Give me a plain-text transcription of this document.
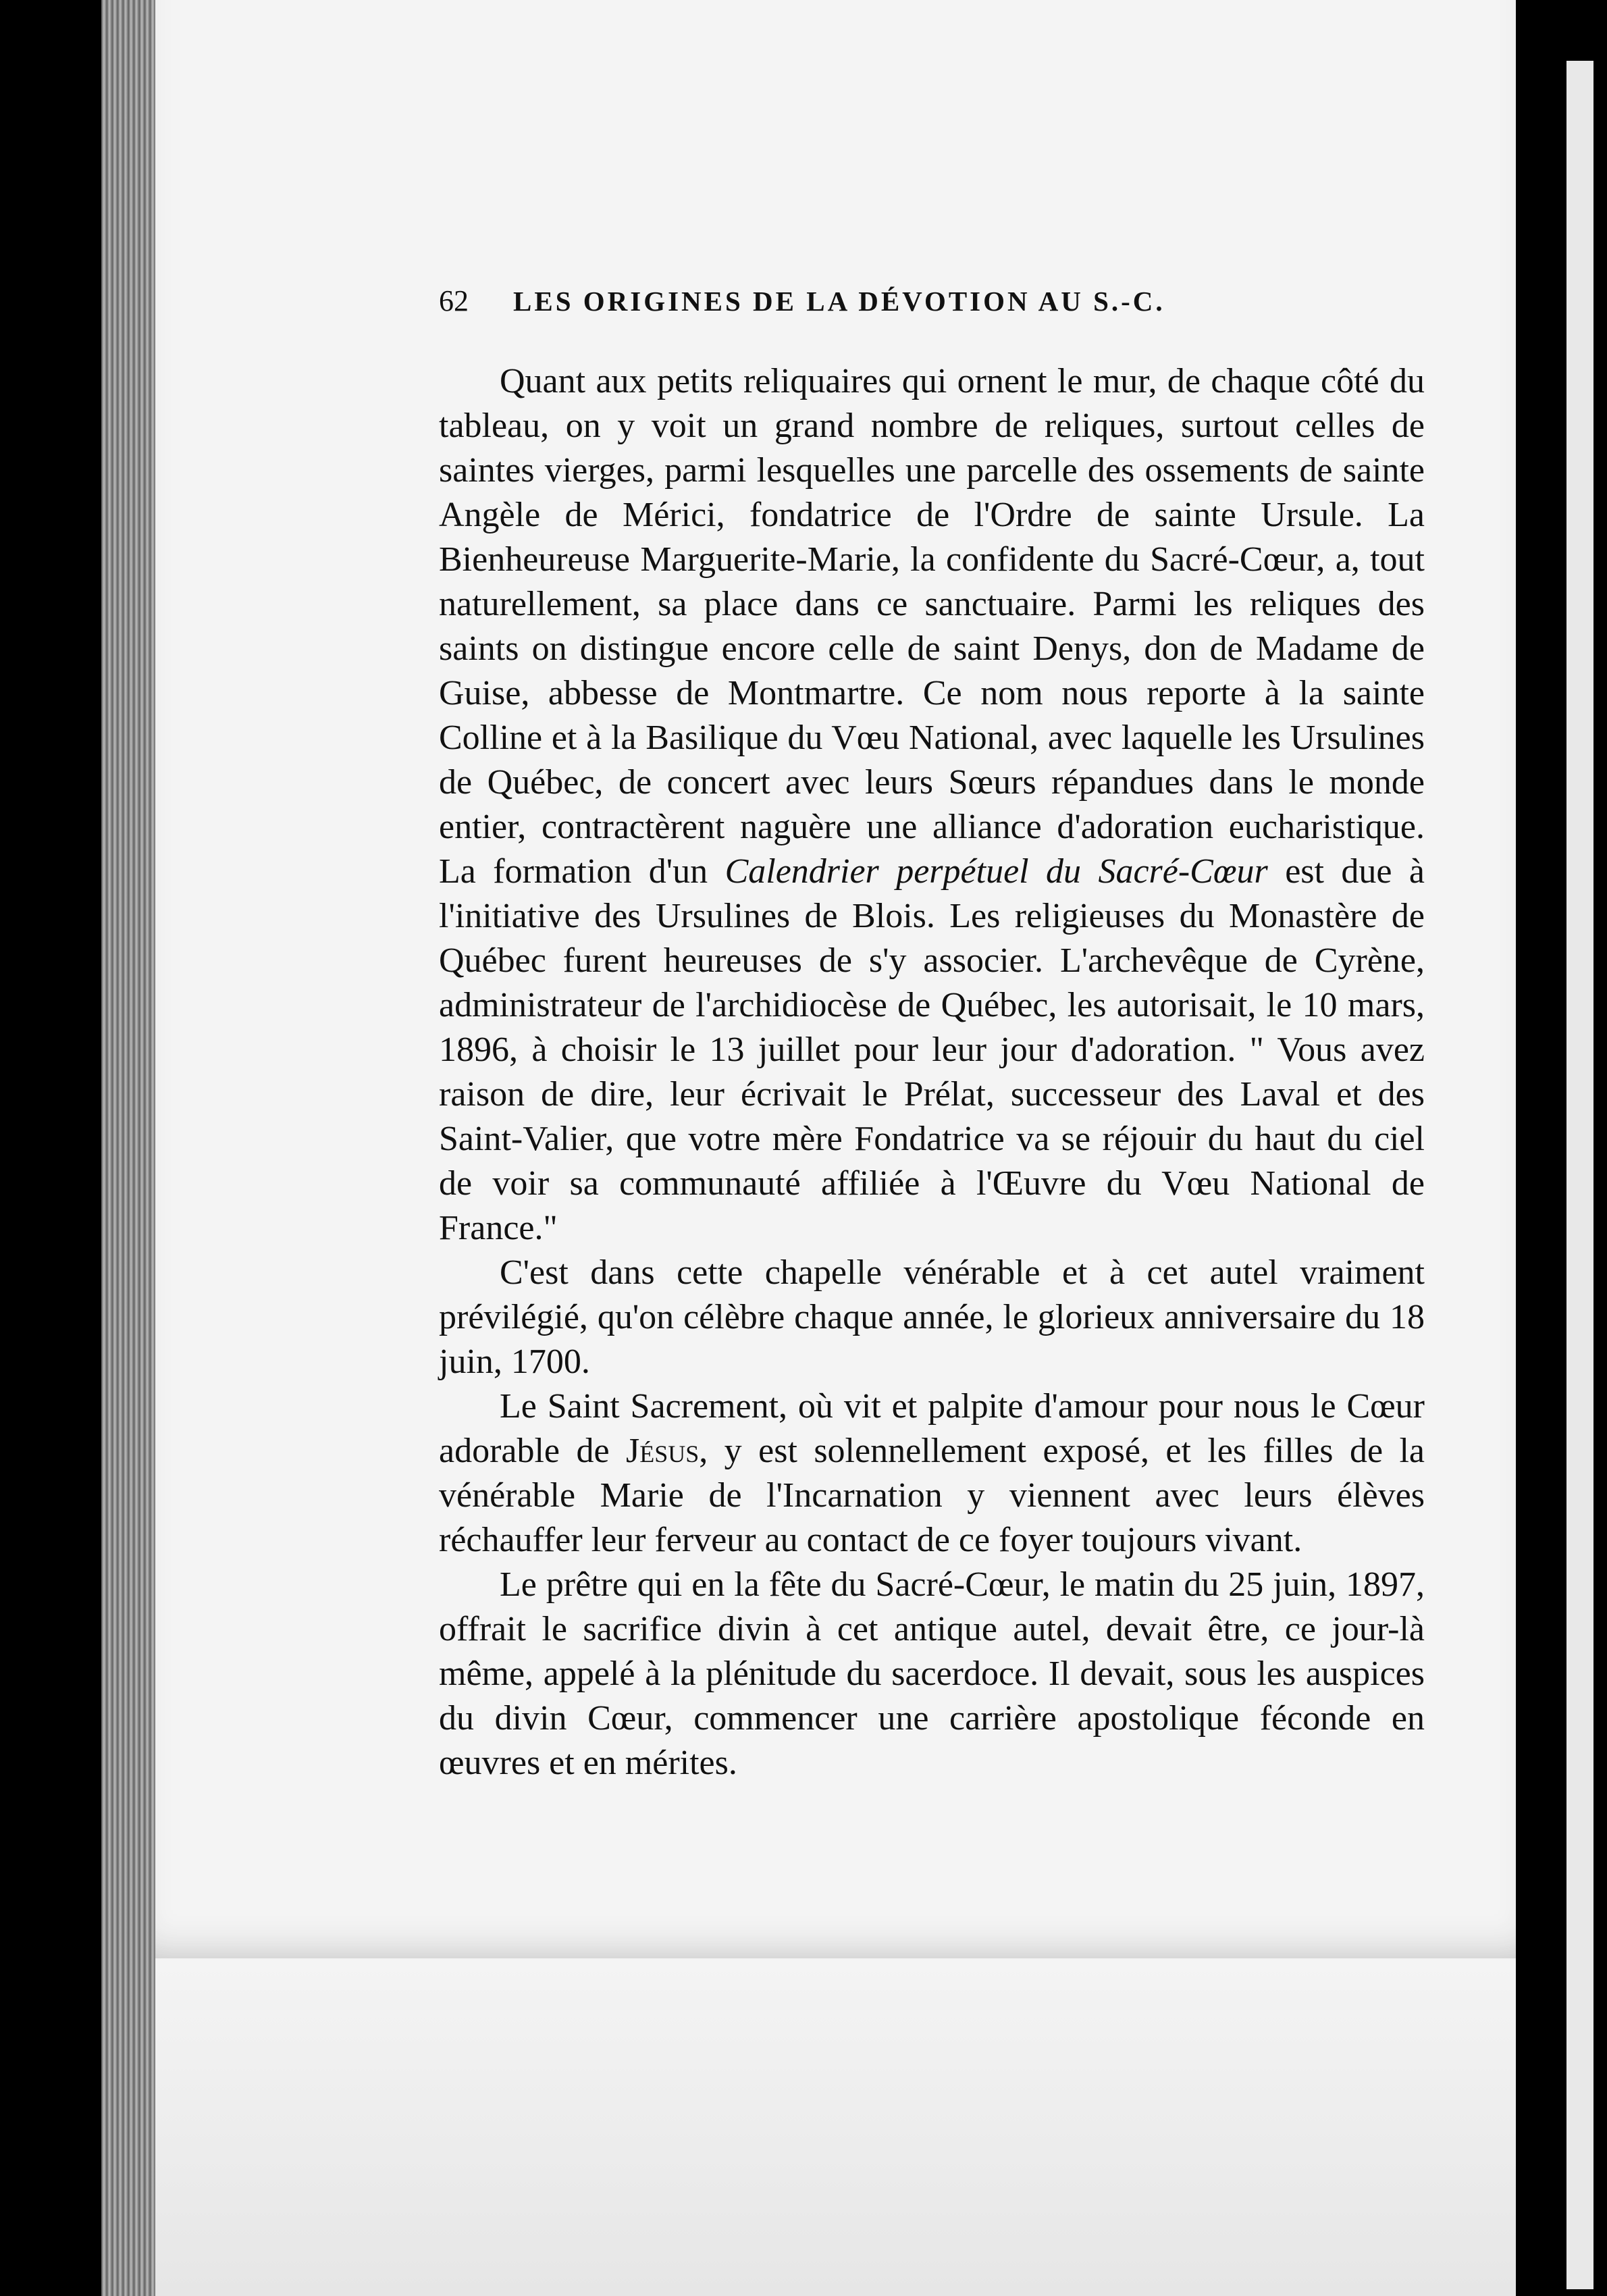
62	LES ORIGINES DE LA DÉVOTION AU S.-C.

Quant aux petits reliquaires qui ornent le mur, de chaque côté du tableau, on y voit un grand nombre de reliques, surtout celles de saintes vierges, parmi lesquelles une parcelle des ossements de sainte Angèle de Mérici, fondatrice de l'Ordre de sainte Ursule. La Bienheureuse Marguerite-Marie, la confidente du Sacré-Cœur, a, tout naturellement, sa place dans ce sanctuaire. Parmi les reliques des saints on distingue encore celle de saint Denys, don de Madame de Guise, abbesse de Montmartre. Ce nom nous reporte à la sainte Colline et à la Basilique du Vœu National, avec laquelle les Ursulines de Québec, de concert avec leurs Sœurs répandues dans le monde entier, contractèrent naguère une alliance d'adoration eucharistique. La formation d'un Calendrier perpétuel du Sacré-Cœur est due à l'initiative des Ursulines de Blois. Les religieuses du Monastère de Québec furent heureuses de s'y associer. L'archevêque de Cyrène, administrateur de l'archidiocèse de Québec, les autorisait, le 10 mars, 1896, à choisir le 13 juillet pour leur jour d'adoration. " Vous avez raison de dire, leur écrivait le Prélat, successeur des Laval et des Saint-Valier, que votre mère Fondatrice va se réjouir du haut du ciel de voir sa communauté affiliée à l'Œuvre du Vœu National de France."

C'est dans cette chapelle vénérable et à cet autel vraiment prévilégié, qu'on célèbre chaque année, le glorieux anniversaire du 18 juin, 1700.

Le Saint Sacrement, où vit et palpite d'amour pour nous le Cœur adorable de Jésus, y est solennellement exposé, et les filles de la vénérable Marie de l'Incarnation y viennent avec leurs élèves réchauffer leur ferveur au contact de ce foyer toujours vivant.

Le prêtre qui en la fête du Sacré-Cœur, le matin du 25 juin, 1897, offrait le sacrifice divin à cet antique autel, devait être, ce jour-là même, appelé à la plénitude du sacerdoce. Il devait, sous les auspices du divin Cœur, commencer une carrière apostolique féconde en œuvres et en mérites.
